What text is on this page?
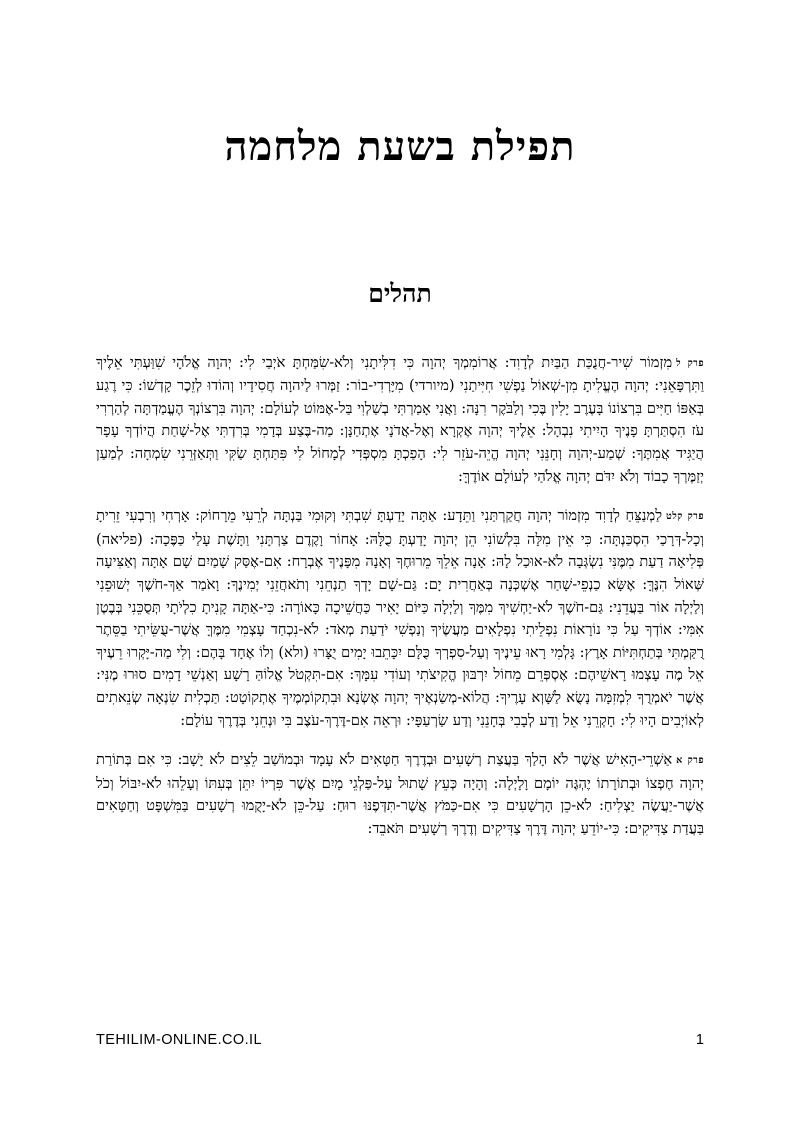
תפילת בשעת מלחמה
תהלים

פרק למִזְמוֹר שִׁיר-חֲנֻכַּת הַבַּיִת לְדָוִד: אֲרוֹמִמְךָ יְהוָה כִּי דִלִּיתָנִי וְלֹא-שִׂמַּחְתָּ אֹיְבַי לִי: יְהוָה אֱלֹהָי שִׁוַּעְתִּי אֵלֶיךָ וַתִּרְפָּאֵנִי: יְהוָה הֶעֱלִיתָ מִן-שְׁאוֹל נַפְשִׁי חִיִּיתַנִי (מיורדי) מִיָּרְדִי-בוֹר: זַמְּרוּ לַיהוָה חֲסִידָיו וְהוֹדוּ לְזֵכֶר קָדְשׁוֹ: כִּי רֶגַע בְּאַפּוֹ חַיִּים בִּרְצוֹנוֹ בָּעֶרֶב יָלִין בֶּכִי וְלַבֹּקֶר רִנָּה: וַאֲנִי אָמַרְתִּי בְשַׁלְוִי בַּל-אֶמּוֹט לְעוֹלָם: יְהוָה בִּרְצוֹנְךָ הֶעֱמַדְתָּה לְהַרְרִי עֹז הִסְתַּרְתָּ פָנֶיךָ הָיִיתִי נִבְהָל: אֵלֶיךָ יְהוָה אֶקְרָא וְאֶל-אֲדֹנָי אֶתְחַנָּן: מַה-בֶּצַע בְּדָמִי בְּרִדְתִּי אֶל-שָׁחַת הֲיוֹדְךָ עָפָר הֲיַגִּיד אֲמִתֶּךָ: שְׁמַע-יְהוָה וְחָנֵּנִי יְהוָה הֱיֵה-עֹזֵר לִי: הָפַכְתָּ מִסְפְּדִי לְמָחוֹל לִי פִּתַּחְתָּ שַׂקִּי וַתְּאַזְּרֵנִי שִׂמְחָה: לְמַעַן יְזַמֶּרְךָ כָבוֹד וְלֹא יִדֹּם יְהוָה אֱלֹהַי לְעוֹלָם אוֹדֶךָּ:

פרק קלטלַמְנַצֵּחַ לְדָוִד מִזְמוֹר יְהוָה חֲקַרְתַּנִי וַתֵּדָע: אַתָּה יָדַעְתָּ שִׁבְתִּי וְקוּמִי בַּנְתָּה לְרֵעִי מֵרָחוֹק: אָרְחִי וְרִבְעִי זֵרִיתָ וְכָל-דְּרָכַי הִסְכַּנְתָּה: כִּי אֵין מִלָּה בִּלְשׁוֹנִי הֵן יְהוָה יָדַעְתָּ כֻלָּהּ: אָחוֹר וָקֶדֶם צַרְתָּנִי וַתָּשֶׁת עָלַי כַּפֶּכָה: (פליאה) פְּלִיאָה דַעַת מִמֶּנִּי נִשְׂגְּבָה לֹא-אוּכַל לָהּ: אָנָה אֵלֵךְ מֵרוּחֶךָ וְאָנָה מִפָּנֶיךָ אֶבְרָח: אִם-אֶסַּק שָׁמַיִם שָׁם אָתָּה וְאַצִּיעָה שְּׁאוֹל הִנֶּךָּ: אֶשָּׂא כַנְפֵי-שָׁחַר אֶשְׁכְּנָה בְּאַחֲרִית יָם: גַּם-שָׁם יָדְךָ תַנְחֵנִי וְתֹאחֲזֵנִי יְמִינֶךָ: וָאֹמַר אַךְ-חֹשֶׁךְ יְשׁוּפֵנִי וְלַיְלָה אוֹר בַּעֲדֵנִי: גַּם-חֹשֶׁךְ לֹא-יַחְשִׁיךְ מִמֶּךָ וְלַיְלָה כַּיּוֹם יָאִיר כַּחֲשֵׁיכָה כָּאוֹרָה: כִּי-אַתָּה קָנִיתָ כִלְיֹתָי תְּסֻכֵּנִי בְּבֶטֶן אִמִּי: אוֹדְךָ עַל כִּי נוֹרָאוֹת נִפְלֵיתִי נִפְלָאִים מַעֲשֶׂיךָ וְנַפְשִׁי יֹדַעַת מְאֹד: לֹא-נִכְחַד עָצְמִי מִמֶּךָּ אֲשֶׁר-עֻשֵּׂיתִי בַסֵּתֶר רֻקַּמְתִּי בְּתַחְתִּיּוֹת אָרֶץ: גָּלְמִי רָאוּ עֵינֶיךָ וְעַל-סִפְרְךָ כֻּלָּם יִכָּתֵבוּ יָמִים יֻצָּרוּ (ולא) וְלוֹ אֶחָד בָּהֶם: וְלִי מַה-יָּקְרוּ רֵעֶיךָ אֵל מֶה עָצְמוּ רָאשֵׁיהֶם: אֶסְפְּרֵם מֵחוֹל יִרְבּוּן הֱקִיצֹתִי וְעוֹדִי עִמָּךְ: אִם-תִּקְטֹל אֱלוֹהַּ רָשָׁע וְאַנְשֵׁי דָמִים סוּרוּ מֶנִּי: אֲשֶׁר יֹאמְרֻךָ לִמְזִמָּה נָשֻׂא לַשָּׁוְא עָרֶיךָ: הֲלוֹא-מְשַׂנְאֶיךָ יְהוָה אֶשְׂנָא וּבִתְקוֹמְמֶיךָ אֶתְקוֹטָט: תַּכְלִית שִׂנְאָה שְׂנֵאתִים לְאוֹיְבִים הָיוּ לִי: חָקְרֵנִי אֵל וְדַע לְבָבִי בְּחָנֵנִי וְדַע שַׂרְעַפָּי: וּרְאֵה אִם-דֶּרֶךְ-עֹצֶב בִּי וּנְחֵנִי בְּדֶרֶךְ עוֹלָם:

פרק אאַשְׁרֵי-הָאִישׁ אֲשֶׁר לֹא הָלַךְ בַּעֲצַת רְשָׁעִים וּבְדֶרֶךְ חַטָּאִים לֹא עָמָד וּבְמוֹשַׁב לֵצִים לֹא יָשָׁב: כִּי אִם בְּתוֹרַת יְהוָה חֶפְצוֹ וּבְתוֹרָתוֹ יֶהְגֶּה יוֹמָם וָלָיְלָה: וְהָיָה כְּעֵץ שָׁתוּל עַל-פַּלְגֵי מָיִם אֲשֶׁר פִּרְיוֹ יִתֵּן בְּעִתּוֹ וְעָלֵהוּ לֹא-יִבּוֹל וְכֹל אֲשֶׁר-יַעֲשֶׂה יַצְלִיחַ: לֹא-כֵן הָרְשָׁעִים כִּי אִם-כַּמֹּץ אֲשֶׁר-תִּדְּפֶנּוּ רוּחַ: עַל-כֵּן לֹא-יָקֻמוּ רְשָׁעִים בַּמִּשְׁפָּט וְחַטָּאִים בַּעֲדַת צַדִּיקִים: כִּי-יוֹדֵעַ יְהוָה דֶּרֶךְ צַדִּיקִים וְדֶרֶךְ רְשָׁעִים תֹּאבֵד:

TEHILIM-ONLINE.CO.IL	1
